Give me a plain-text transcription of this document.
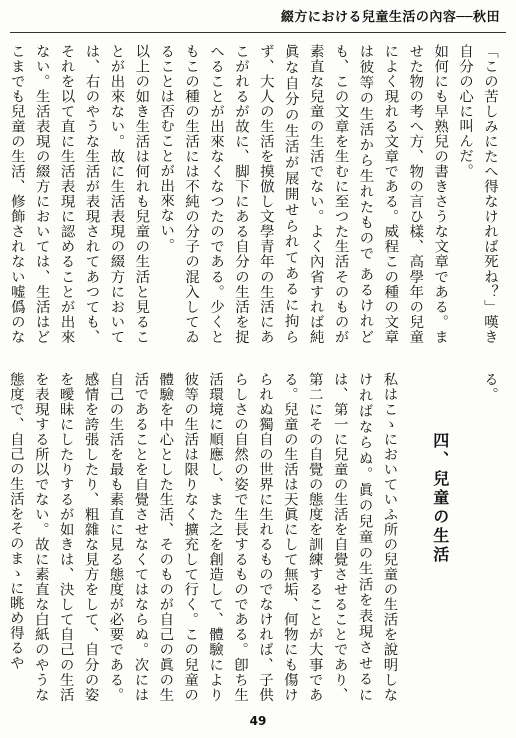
綴方における兒童生活の內容──秋田

「この苦しみにたへ得なければ死ね？」嘆き自分の心に叫んだ。

如何にも早熟兒の書きさうな文章である。ませた物の考へ方、物の言ひ樣、高學年の兒童によく現れる文章である。威程この種の文章は彼等の生活から生れたもので あるけれども、この文章を生むに至つた生活そのものが素直な兒童の生活でない。よく內省すれば純眞な自分の生活が展開せられてあるに拘らず、大人の生活を摸倣し文學青年の生活にあこがれるが故に、脚下にある自分の生活を捉へることが出來なくなつたのである。少くともこの種の生活には不純の分子の混入してゐることは否むことが出來ない。

以上の如き生活は何れも兒童の生活と見ることが出來ない。故に生活表現の綴方においては、右のやうな生活が表現されてあつても、それを以て直に生活表現に認めることが出來ない。生活表現の綴方においては、生活はどこまでも兒童の生活、修飾されない嘘僞のな

る。

四、兒童の生活

私はこゝにおいていふ所の兒童の生活を說明しなければならぬ。眞の兒童の生活を表現させるには、第一に兒童の生活を自覺させることであり、第二にその自覺の態度を訓練することが大事である。兒童の生活は天眞にして無垢、何物にも傷けられぬ獨自の世界に生れるものでなければ、子供らしさの自然の姿で生長するものである。卽ち生活環境に順應し、また之を創造して、體驗により彼等の生活は限りなく擴充して行く。この兒童の體驗を中心とした生活、そのものが自己の眞の生活であることを自覺させなくてはならぬ。次には自己の生活を最も素直に見る態度が必要である。感情を誇張したり、粗雜な見方をして、自分の姿を曖昧にしたりするが如きは、決して自己の生活を表現する所以でない。故に素直な白紙のやうな態度で、自己の生活をそのまゝに眺め得るや

49
